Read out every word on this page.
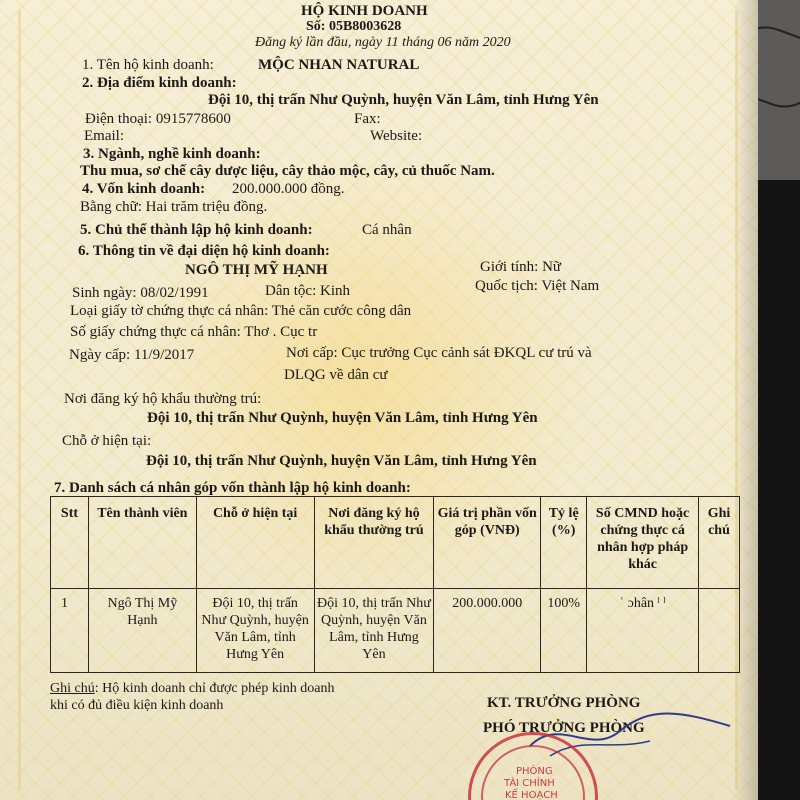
HỘ KINH DOANH
Số: 05B8003628
Đăng ký lần đầu, ngày 11 tháng 06 năm 2020
1. Tên hộ kinh doanh:	MỘC NHAN NATURAL
2. Địa điểm kinh doanh:
Đội 10, thị trấn Như Quỳnh, huyện Văn Lâm, tỉnh Hưng Yên
Điện thoại: 0915778600	Fax:
Email:	Website:
3. Ngành, nghề kinh doanh:
Thu mua, sơ chế cây dược liệu, cây thảo mộc, cây, củ thuốc Nam.
4. Vốn kinh doanh: 200.000.000 đồng.
Bằng chữ: Hai trăm triệu đồng.
5. Chủ thể thành lập hộ kinh doanh:	Cá nhân
6. Thông tin về đại diện hộ kinh doanh:
NGÔ THỊ MỸ HẠNH	Giới tính: Nữ
Sinh ngày: 08/02/1991	Dân tộc: Kinh	Quốc tịch: Việt Nam
Loại giấy tờ chứng thực cá nhân: Thẻ căn cước công dân
Số giấy chứng thực cá nhân: Thơ . Cục tr
Ngày cấp: 11/9/2017	Nơi cấp: Cục trưởng Cục cảnh sát ĐKQL cư trú và
DLQG về dân cư
Nơi đăng ký hộ khẩu thường trú:
Đội 10, thị trấn Như Quỳnh, huyện Văn Lâm, tỉnh Hưng Yên
Chỗ ở hiện tại:
Đội 10, thị trấn Như Quỳnh, huyện Văn Lâm, tỉnh Hưng Yên
7. Danh sách cá nhân góp vốn thành lập hộ kinh doanh:
Stt	Tên thành viên	Chỗ ở hiện tại	Nơi đăng ký hộ khẩu thường trú	Giá trị phần vốn góp (VNĐ)	Tỷ lệ (%)	Số CMND hoặc chứng thực cá nhân hợp pháp khác	Ghi chú
1	Ngô Thị Mỹ Hạnh	Đội 10, thị trấn Như Quỳnh, huyện Văn Lâm, tỉnh Hưng Yên	Đội 10, thị trấn Như Quỳnh, huyện Văn Lâm, tỉnh Hưng Yên	200.000.000	100%	ʿ ɔhân ˡ ˡ	
Ghi chú: Hộ kinh doanh chỉ được phép kinh doanh
khi có đủ điều kiện kinh doanh	KT. TRƯỞNG PHÒNG
PHÓ TRƯỞNG PHÒNG
PHÒNG
TÀI CHÍNH
KẾ HOẠCH
